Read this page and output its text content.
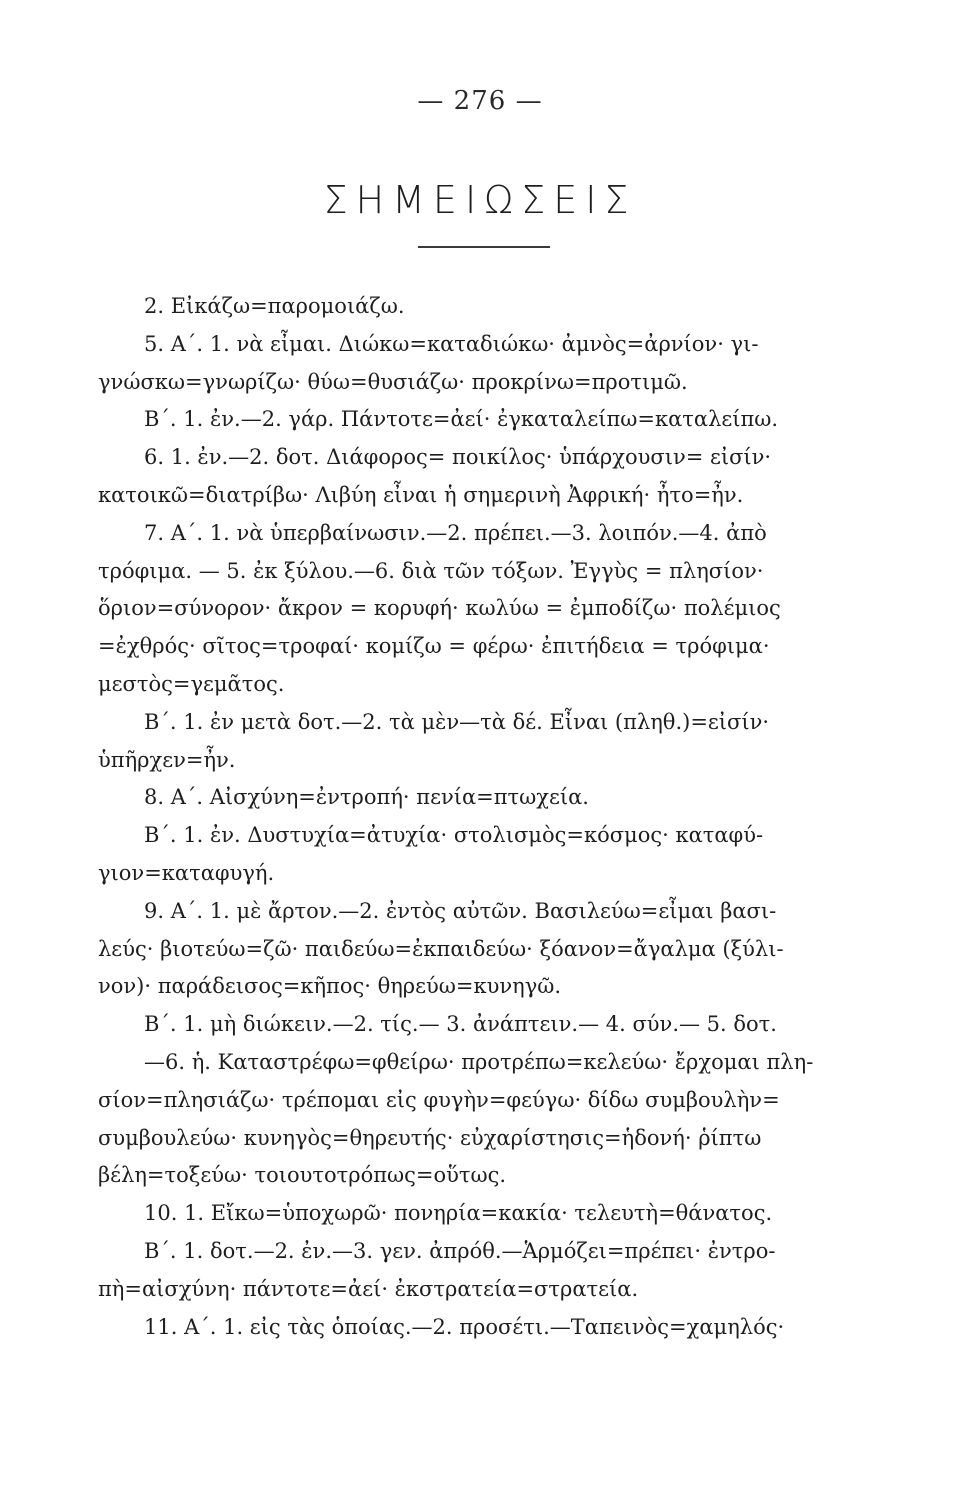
— 276 —
ΣΗΜΕΙΩΣΕΙΣ
2. Εἰκάζω=παρομοιάζω.
5. Α΄. 1. νὰ εἶμαι. Διώκω=καταδιώκω· ἀμνὸς=ἀρνίον· γι-
γνώσκω=γνωρίζω· θύω=θυσιάζω· προκρίνω=προτιμῶ.
Β΄. 1. ἐν.—2. γάρ. Πάντοτε=ἀεί· ἐγκαταλείπω=καταλείπω.
6. 1. ἐν.—2. δοτ. Διάφορος= ποικίλος· ὑπάρχουσιν= εἰσίν·
κατοικῶ=διατρίβω· Λιβύη εἶναι ἡ σημερινὴ Ἀφρική· ἦτο=ἦν.
7. Α΄. 1. νὰ ὑπερβαίνωσιν.—2. πρέπει.—3. λοιπόν.—4. ἀπὸ
τρόφιμα. — 5. ἐκ ξύλου.—6. διὰ τῶν τόξων. Ἐγγὺς = πλησίον·
ὅριον=σύνορον· ἄκρον = κορυφή· κωλύω = ἐμποδίζω· πολέμιος
=ἐχθρός· σῖτος=τροφαί· κομίζω = φέρω· ἐπιτήδεια = τρόφιμα·
μεστὸς=γεμᾶτος.
Β΄. 1. ἐν μετὰ δοτ.—2. τὰ μὲν—τὰ δέ. Εἶναι (πληθ.)=εἰσίν·
ὑπῆρχεν=ἦν.
8. Α΄. Αἰσχύνη=ἐντροπή· πενία=πτωχεία.
Β΄. 1. ἐν. Δυστυχία=ἀτυχία· στολισμὸς=κόσμος· καταφύ-
γιον=καταφυγή.
9. Α΄. 1. μὲ ἄρτον.—2. ἐντὸς αὐτῶν. Βασιλεύω=εἶμαι βασι-
λεύς· βιοτεύω=ζῶ· παιδεύω=ἐκπαιδεύω· ξόανον=ἄγαλμα (ξύλι-
νον)· παράδεισος=κῆπος· θηρεύω=κυνηγῶ.
Β΄. 1. μὴ διώκειν.—2. τίς.— 3. ἀνάπτειν.— 4. σύν.— 5. δοτ.
—6. ἡ. Καταστρέφω=φθείρω· προτρέπω=κελεύω· ἔρχομαι πλη-
σίον=πλησιάζω· τρέπομαι εἰς φυγὴν=φεύγω· δίδω συμβουλὴν=
συμβουλεύω· κυνηγὸς=θηρευτής· εὐχαρίστησις=ἡδονή· ῥίπτω
βέλη=τοξεύω· τοιουτοτρόπως=οὕτως.
10. 1. Εἴκω=ὑποχωρῶ· πονηρία=κακία· τελευτὴ=θάνατος.
Β΄. 1. δοτ.—2. ἐν.—3. γεν. ἀπρόθ.—Ἁρμόζει=πρέπει· ἐντρο-
πὴ=αἰσχύνη· πάντοτε=ἀεί· ἐκστρατεία=στρατεία.
11. Α΄. 1. εἰς τὰς ὁποίας.—2. προσέτι.—Ταπεινὸς=χαμηλός·
